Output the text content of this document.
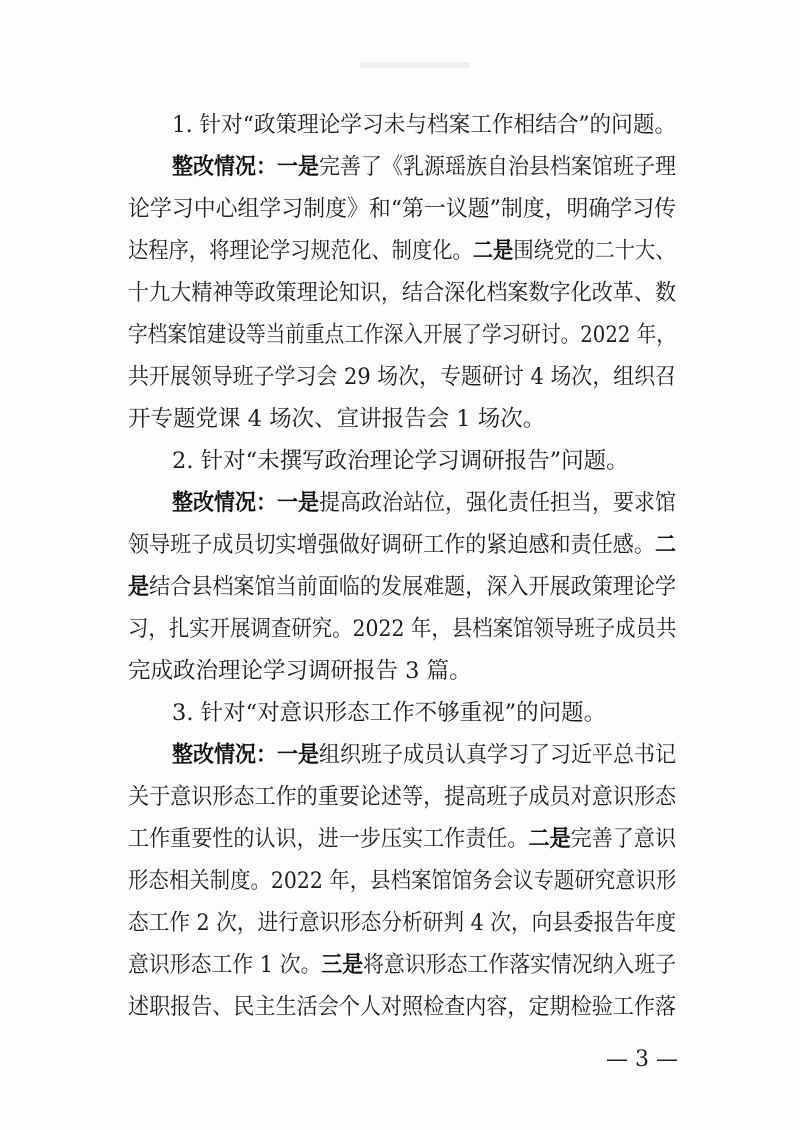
1. 针对“政策理论学习未与档案工作相结合”的问题。
整改情况：一是完善了《乳源瑶族自治县档案馆班子理
论学习中心组学习制度》和“第一议题”制度，明确学习传
达程序，将理论学习规范化、制度化。二是围绕党的二十大、
十九大精神等政策理论知识，结合深化档案数字化改革、数
字档案馆建设等当前重点工作深入开展了学习研讨。2022 年，
共开展领导班子学习会 29 场次，专题研讨 4 场次，组织召
开专题党课 4 场次、宣讲报告会 1 场次。
2. 针对“未撰写政治理论学习调研报告”问题。
整改情况：一是提高政治站位，强化责任担当，要求馆
领导班子成员切实增强做好调研工作的紧迫感和责任感。二
是结合县档案馆当前面临的发展难题，深入开展政策理论学
习，扎实开展调查研究。2022 年，县档案馆领导班子成员共
完成政治理论学习调研报告 3 篇。
3. 针对“对意识形态工作不够重视”的问题。
整改情况：一是组织班子成员认真学习了习近平总书记
关于意识形态工作的重要论述等，提高班子成员对意识形态
工作重要性的认识，进一步压实工作责任。二是完善了意识
形态相关制度。2022 年，县档案馆馆务会议专题研究意识形
态工作 2 次，进行意识形态分析研判 4 次，向县委报告年度
意识形态工作 1 次。三是将意识形态工作落实情况纳入班子
述职报告、民主生活会个人对照检查内容，定期检验工作落
— 3 —
